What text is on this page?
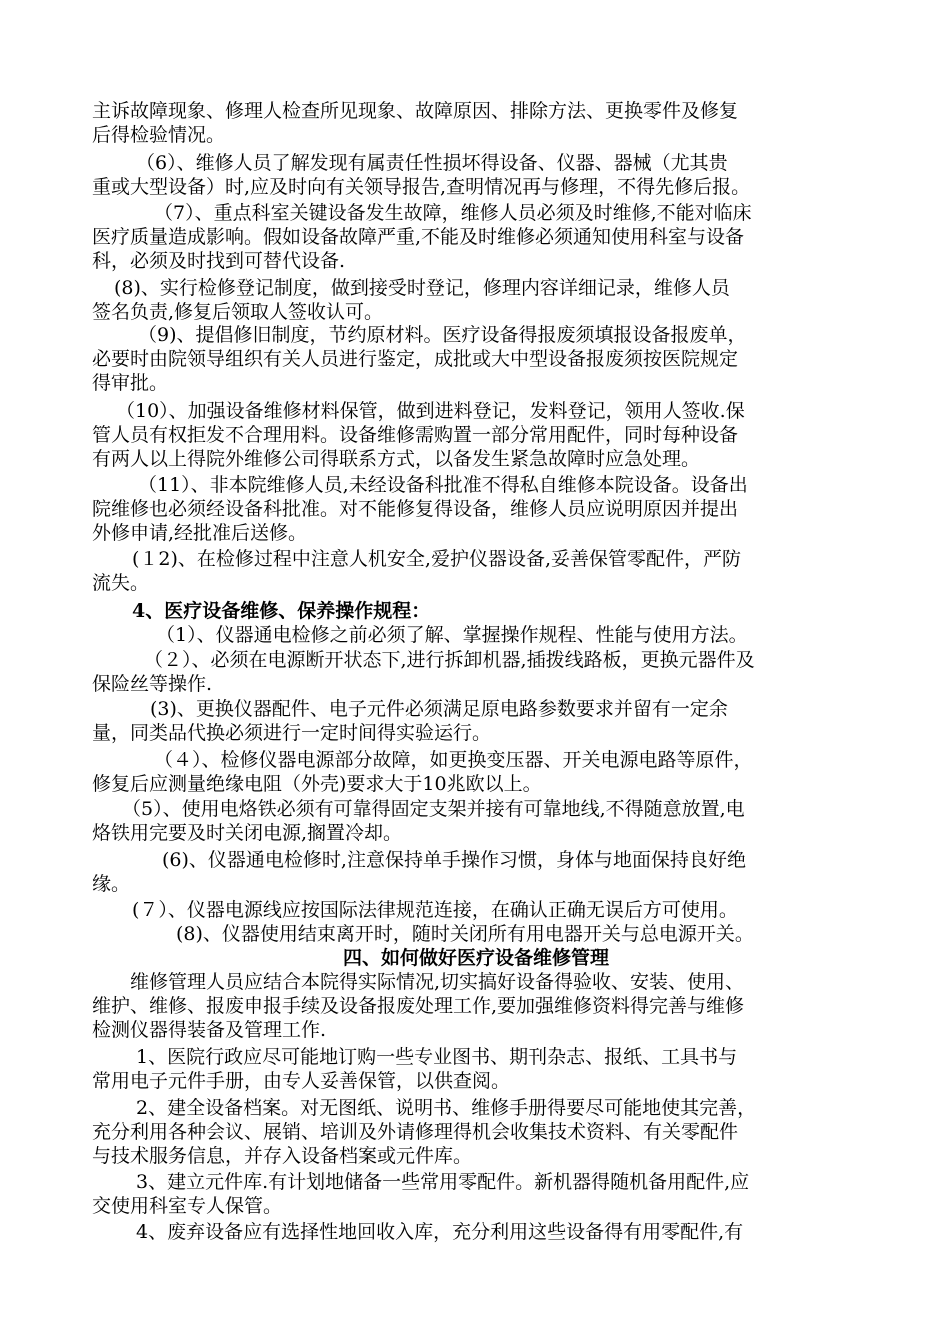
主诉故障现象、修理人检查所见现象、故障原因、排除方法、更换零件及修复
后得检验情况。
（6）、维修人员了解发现有属责任性损坏得设备、仪器、器械（尤其贵
重或大型设备）时,应及时向有关领导报告,查明情况再与修理，不得先修后报。
（7）、重点科室关键设备发生故障，维修人员必须及时维修,不能对临床
医疗质量造成影响。假如设备故障严重,不能及时维修必须通知使用科室与设备
科，必须及时找到可替代设备.
(8)、实行检修登记制度，做到接受时登记，修理内容详细记录，维修人员
签名负责,修复后领取人签收认可。
（9)、提倡修旧制度，节约原材料。医疗设备得报废须填报设备报废单，
必要时由院领导组织有关人员进行鉴定，成批或大中型设备报废须按医院规定
得审批。
（10）、加强设备维修材料保管，做到进料登记，发料登记，领用人签收.保
管人员有权拒发不合理用料。设备维修需购置一部分常用配件，同时每种设备
有两人以上得院外维修公司得联系方式，以备发生紧急故障时应急处理。
（11）、非本院维修人员,未经设备科批准不得私自维修本院设备。设备出
院维修也必须经设备科批准。对不能修复得设备，维修人员应说明原因并提出
外修申请,经批准后送修。
(１2)、在检修过程中注意人机安全,爱护仪器设备,妥善保管零配件，严防
流失。
4、医疗设备维修、保养操作规程：
（1）、仪器通电检修之前必须了解、掌握操作规程、性能与使用方法。
（２）、必须在电源断开状态下,进行拆卸机器,插拨线路板，更换元器件及
保险丝等操作.
(3)、更换仪器配件、电子元件必须满足原电路参数要求并留有一定余
量，同类品代换必须进行一定时间得实验运行。
（４）、检修仪器电源部分故障，如更换变压器、开关电源电路等原件，
修复后应测量绝缘电阻（外壳)要求大于10兆欧以上。
（5）、使用电烙铁必须有可靠得固定支架并接有可靠地线,不得随意放置,电
烙铁用完要及时关闭电源,搁置冷却。
(6)、仪器通电检修时,注意保持单手操作习惯，身体与地面保持良好绝
缘。
(７）、仪器电源线应按国际法律规范连接，在确认正确无误后方可使用。
(8)、仪器使用结束离开时，随时关闭所有用电器开关与总电源开关。
四、如何做好医疗设备维修管理
维修管理人员应结合本院得实际情况,切实搞好设备得验收、安装、使用、
维护、维修、报废申报手续及设备报废处理工作,要加强维修资料得完善与维修
检测仪器得装备及管理工作.
1、医院行政应尽可能地订购一些专业图书、期刊杂志、报纸、工具书与
常用电子元件手册，由专人妥善保管，以供查阅。
2、建全设备档案。对无图纸、说明书、维修手册得要尽可能地使其完善，
充分利用各种会议、展销、培训及外请修理得机会收集技术资料、有关零配件
与技术服务信息，并存入设备档案或元件库。
3、建立元件库.有计划地储备一些常用零配件。新机器得随机备用配件,应
交使用科室专人保管。
4、废弃设备应有选择性地回收入库，充分利用这些设备得有用零配件,有
